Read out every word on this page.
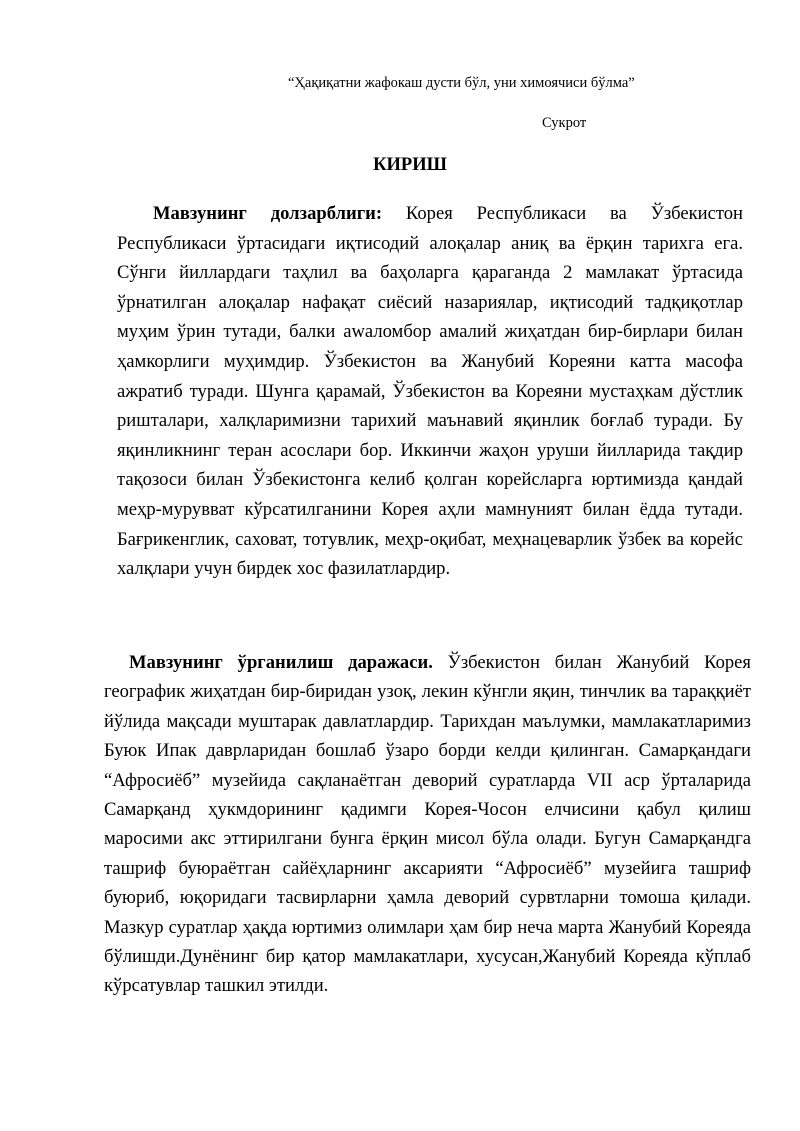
“Ҳақиқатни жафокаш дусти бўл, уни химоячиси бўлма”
Сукрот
КИРИШ

Мавзунинг долзарблиги: Корея Республикаси ва Ўзбекистон Республикаси ўртасидаги иқтисодий алоқалар аниқ ва ёрқин тарихга ега. Сўнги йиллардаги таҳлил ва баҳоларга қараганда 2 мамлакат ўртасида ўрнатилган алоқалар нафақат сиёсий назариялар, иқтисодий тадқиқотлар муҳим ўрин тутади, балки аwаломбор амалий жиҳатдан бир-бирлари билан ҳамкорлиги муҳимдир. Ўзбекистон ва Жанубий Кореяни катта масофа ажратиб туради. Шунга қарамай, Ўзбекистон ва Кореяни мустаҳкам дўстлик ришталари, халқларимизни тарихий маънавий яқинлик боғлаб туради. Бу яқинликнинг теран асослари бор. Иккинчи жаҳон уруши йилларида тақдир тақозоси билан Ўзбекистонга келиб қолган корейсларга юртимизда қандай меҳр-мурувват кўрсатилганини Корея аҳли мамнуният билан ёдда тутади. Бағрикенглик, саховат, тотувлик, меҳр-оқибат, меҳнацеварлик ўзбек ва корейс халқлари учун бирдек хос фазилатлардир.

Мавзунинг ўрганилиш даражаси. Ўзбекистон билан Жанубий Корея географик жиҳатдан бир-биридан узоқ, лекин кўнгли яқин, тинчлик ва тараққиёт йўлида мақсади муштарак давлатлардир. Тарихдан маълумки, мамлакатларимиз Буюк Ипак даврларидан бошлаб ўзаро борди келди қилинган. Самарқандаги “Афросиёб” музейида сақланаётган деворий суратларда VII аср ўрталарида Самарқанд ҳукмдорининг қадимги Корея-Чосон елчисини қабул қилиш маросими акс эттирилгани бунга ёрқин мисол бўла олади. Бугун Самарқандга ташриф буюраётган сайёҳларнинг аксарияти “Афросиёб” музейига ташриф буюриб, юқоридаги тасвирларни ҳамла деворий сурвтларни томоша қилади. Мазкур суратлар ҳақда юртимиз олимлари ҳам бир неча марта Жанубий Кореяда бўлишди.Дунёнинг бир қатор мамлакатлари, хусусан,Жанубий Кореяда кўплаб кўрсатувлар ташкил этилди.
